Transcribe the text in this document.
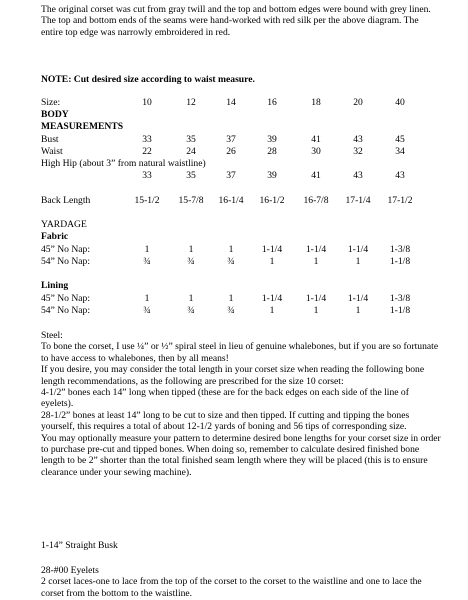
The original corset was cut from gray twill and the top and bottom edges were bound with grey linen. The top and bottom ends of the seams were hand-worked with red silk per the above diagram. The entire top edge was narrowly embroidered in red.

NOTE: Cut desired size according to waist measure.

Size:	10	12	14	16	18	20	40

BODY

MEASUREMENTS

Bust	33	35	37	39	41	43	45
Waist	22	24	26	28	30	32	34

High Hip (about 3” from natural waistline)

33	35	37	39	41	43	43
Back Length	15-1/2	15-7/8	16-1/4	16-1/2	16-7/8	17-1/4	17-1/2

YARDAGE

Fabric

45” No Nap:	1	1	1	1-1/4	1-1/4	1-1/4	1-3/8
54” No Nap:	¾	¾	¾	1	1	1	1-1/8

Lining

45” No Nap:	1	1	1	1-1/4	1-1/4	1-1/4	1-3/8
54” No Nap:	¾	¾	¾	1	1	1	1-1/8

Steel:

To bone the corset, I use ¼” or ½” spiral steel in lieu of genuine whalebones, but if you are so fortunate to have access to whalebones, then by all means!

If you desire, you may consider the total length in your corset size when reading the following bone length recommendations, as the following are prescribed for the size 10 corset:

4-1/2” bones each 14” long when tipped (these are for the back edges on each side of the line of eyelets).

28-1/2” bones at least 14” long to be cut to size and then tipped. If cutting and tipping the bones yourself, this requires a total of about 12-1/2 yards of boning and 56 tips of corresponding size.

You may optionally measure your pattern to determine desired bone lengths for your corset size in order to purchase pre-cut and tipped bones. When doing so, remember to calculate desired finished bone length to be 2” shorter than the total finished seam length where they will be placed (this is to ensure clearance under your sewing machine).

1-14” Straight Busk

28-#00 Eyelets

2 corset laces-one to lace from the top of the corset to the corset to the waistline and one to lace the corset from the bottom to the waistline.
